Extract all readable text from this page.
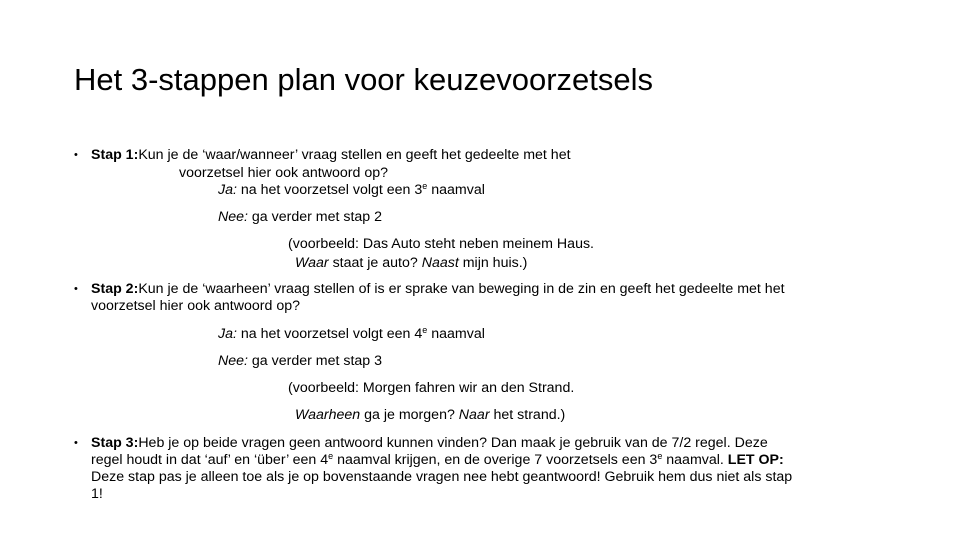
Het 3-stappen plan voor keuzevoorzetsels
• Stap 1:Kun je de ‘waar/wanneer’ vraag stellen en geeft het gedeelte met het
voorzetsel hier ook antwoord op?
Ja: na het voorzetsel volgt een 3e naamval
Nee: ga verder met stap 2
(voorbeeld: Das Auto steht neben meinem Haus.
Waar staat je auto? Naast mijn huis.)
• Stap 2:Kun je de ‘waarheen’ vraag stellen of is er sprake van beweging in de zin en geeft het gedeelte met het
voorzetsel hier ook antwoord op?
Ja: na het voorzetsel volgt een 4e naamval
Nee: ga verder met stap 3
(voorbeeld: Morgen fahren wir an den Strand.
Waarheen ga je morgen? Naar het strand.)
• Stap 3:Heb je op beide vragen geen antwoord kunnen vinden? Dan maak je gebruik van de 7/2 regel. Deze
regel houdt in dat ‘auf’ en ‘über’ een 4e naamval krijgen, en de overige 7 voorzetsels een 3e naamval. LET OP:
Deze stap pas je alleen toe als je op bovenstaande vragen nee hebt geantwoord! Gebruik hem dus niet als stap
1!
